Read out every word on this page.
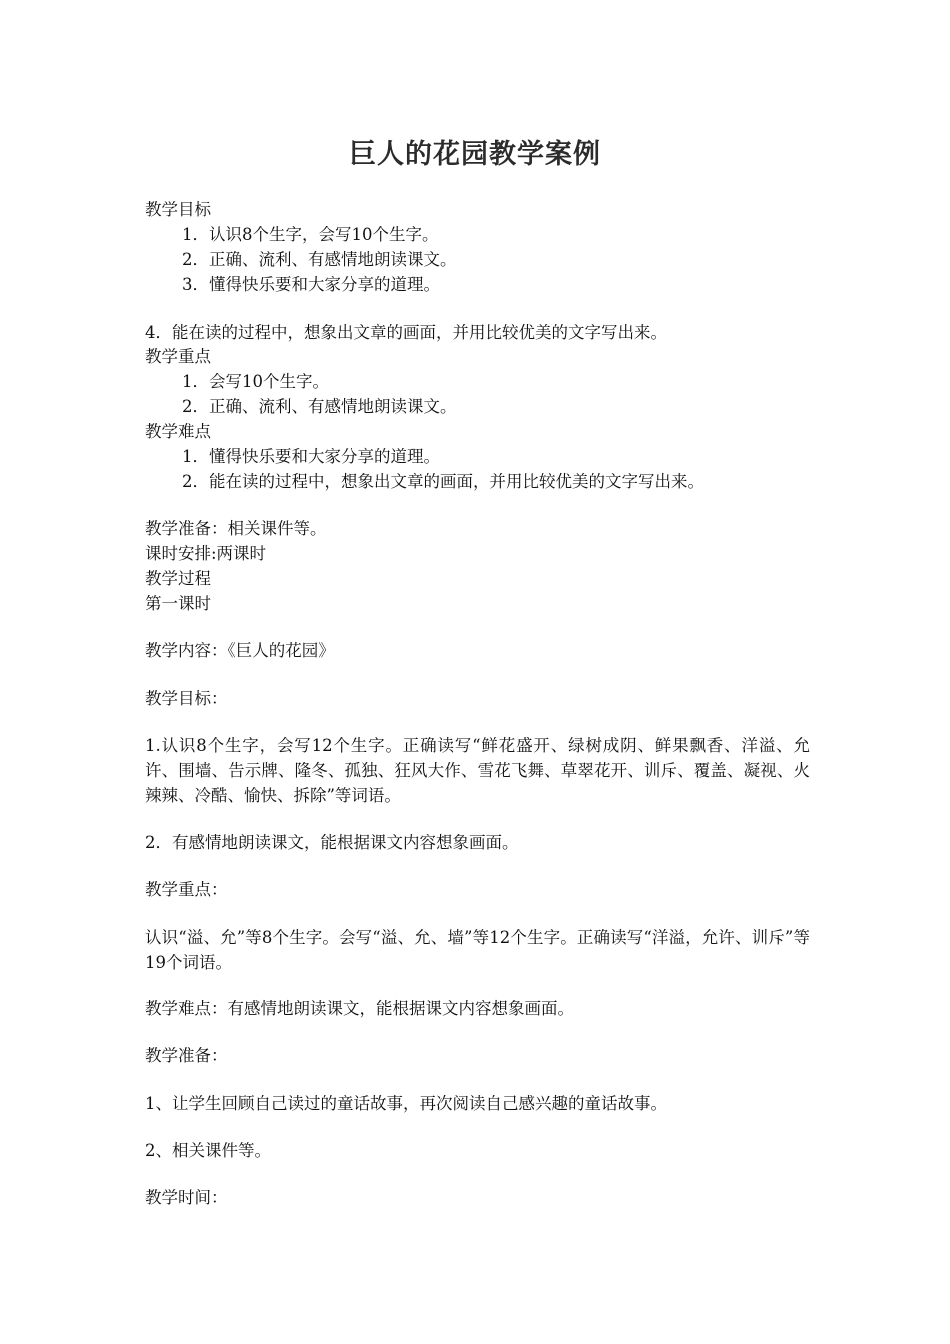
巨人的花园教学案例
教学目标
1．认识8个生字，会写10个生字。
2．正确、流利、有感情地朗读课文。
3．懂得快乐要和大家分享的道理。
4．能在读的过程中，想象出文章的画面，并用比较优美的文字写出来。
教学重点
1．会写10个生字。
2．正确、流利、有感情地朗读课文。
教学难点
1．懂得快乐要和大家分享的道理。
2．能在读的过程中，想象出文章的画面，并用比较优美的文字写出来。
教学准备：相关课件等。
课时安排:两课时
教学过程
第一课时
教学内容：《巨人的花园》
教学目标：
1.认识8个生字，会写12个生字。正确读写“鲜花盛开、绿树成阴、鲜果飘香、洋溢、允许、围墙、告示牌、隆冬、孤独、狂风大作、雪花飞舞、草翠花开、训斥、覆盖、凝视、火辣辣、冷酷、愉快、拆除”等词语。
2．有感情地朗读课文，能根据课文内容想象画面。
教学重点：
认识“溢、允”等8个生字。会写“溢、允、墙”等12个生字。正确读写“洋溢，允许、训斥”等19个词语。
教学难点：有感情地朗读课文，能根据课文内容想象画面。
教学准备：
1、让学生回顾自己读过的童话故事，再次阅读自己感兴趣的童话故事。
2、相关课件等。
教学时间：
